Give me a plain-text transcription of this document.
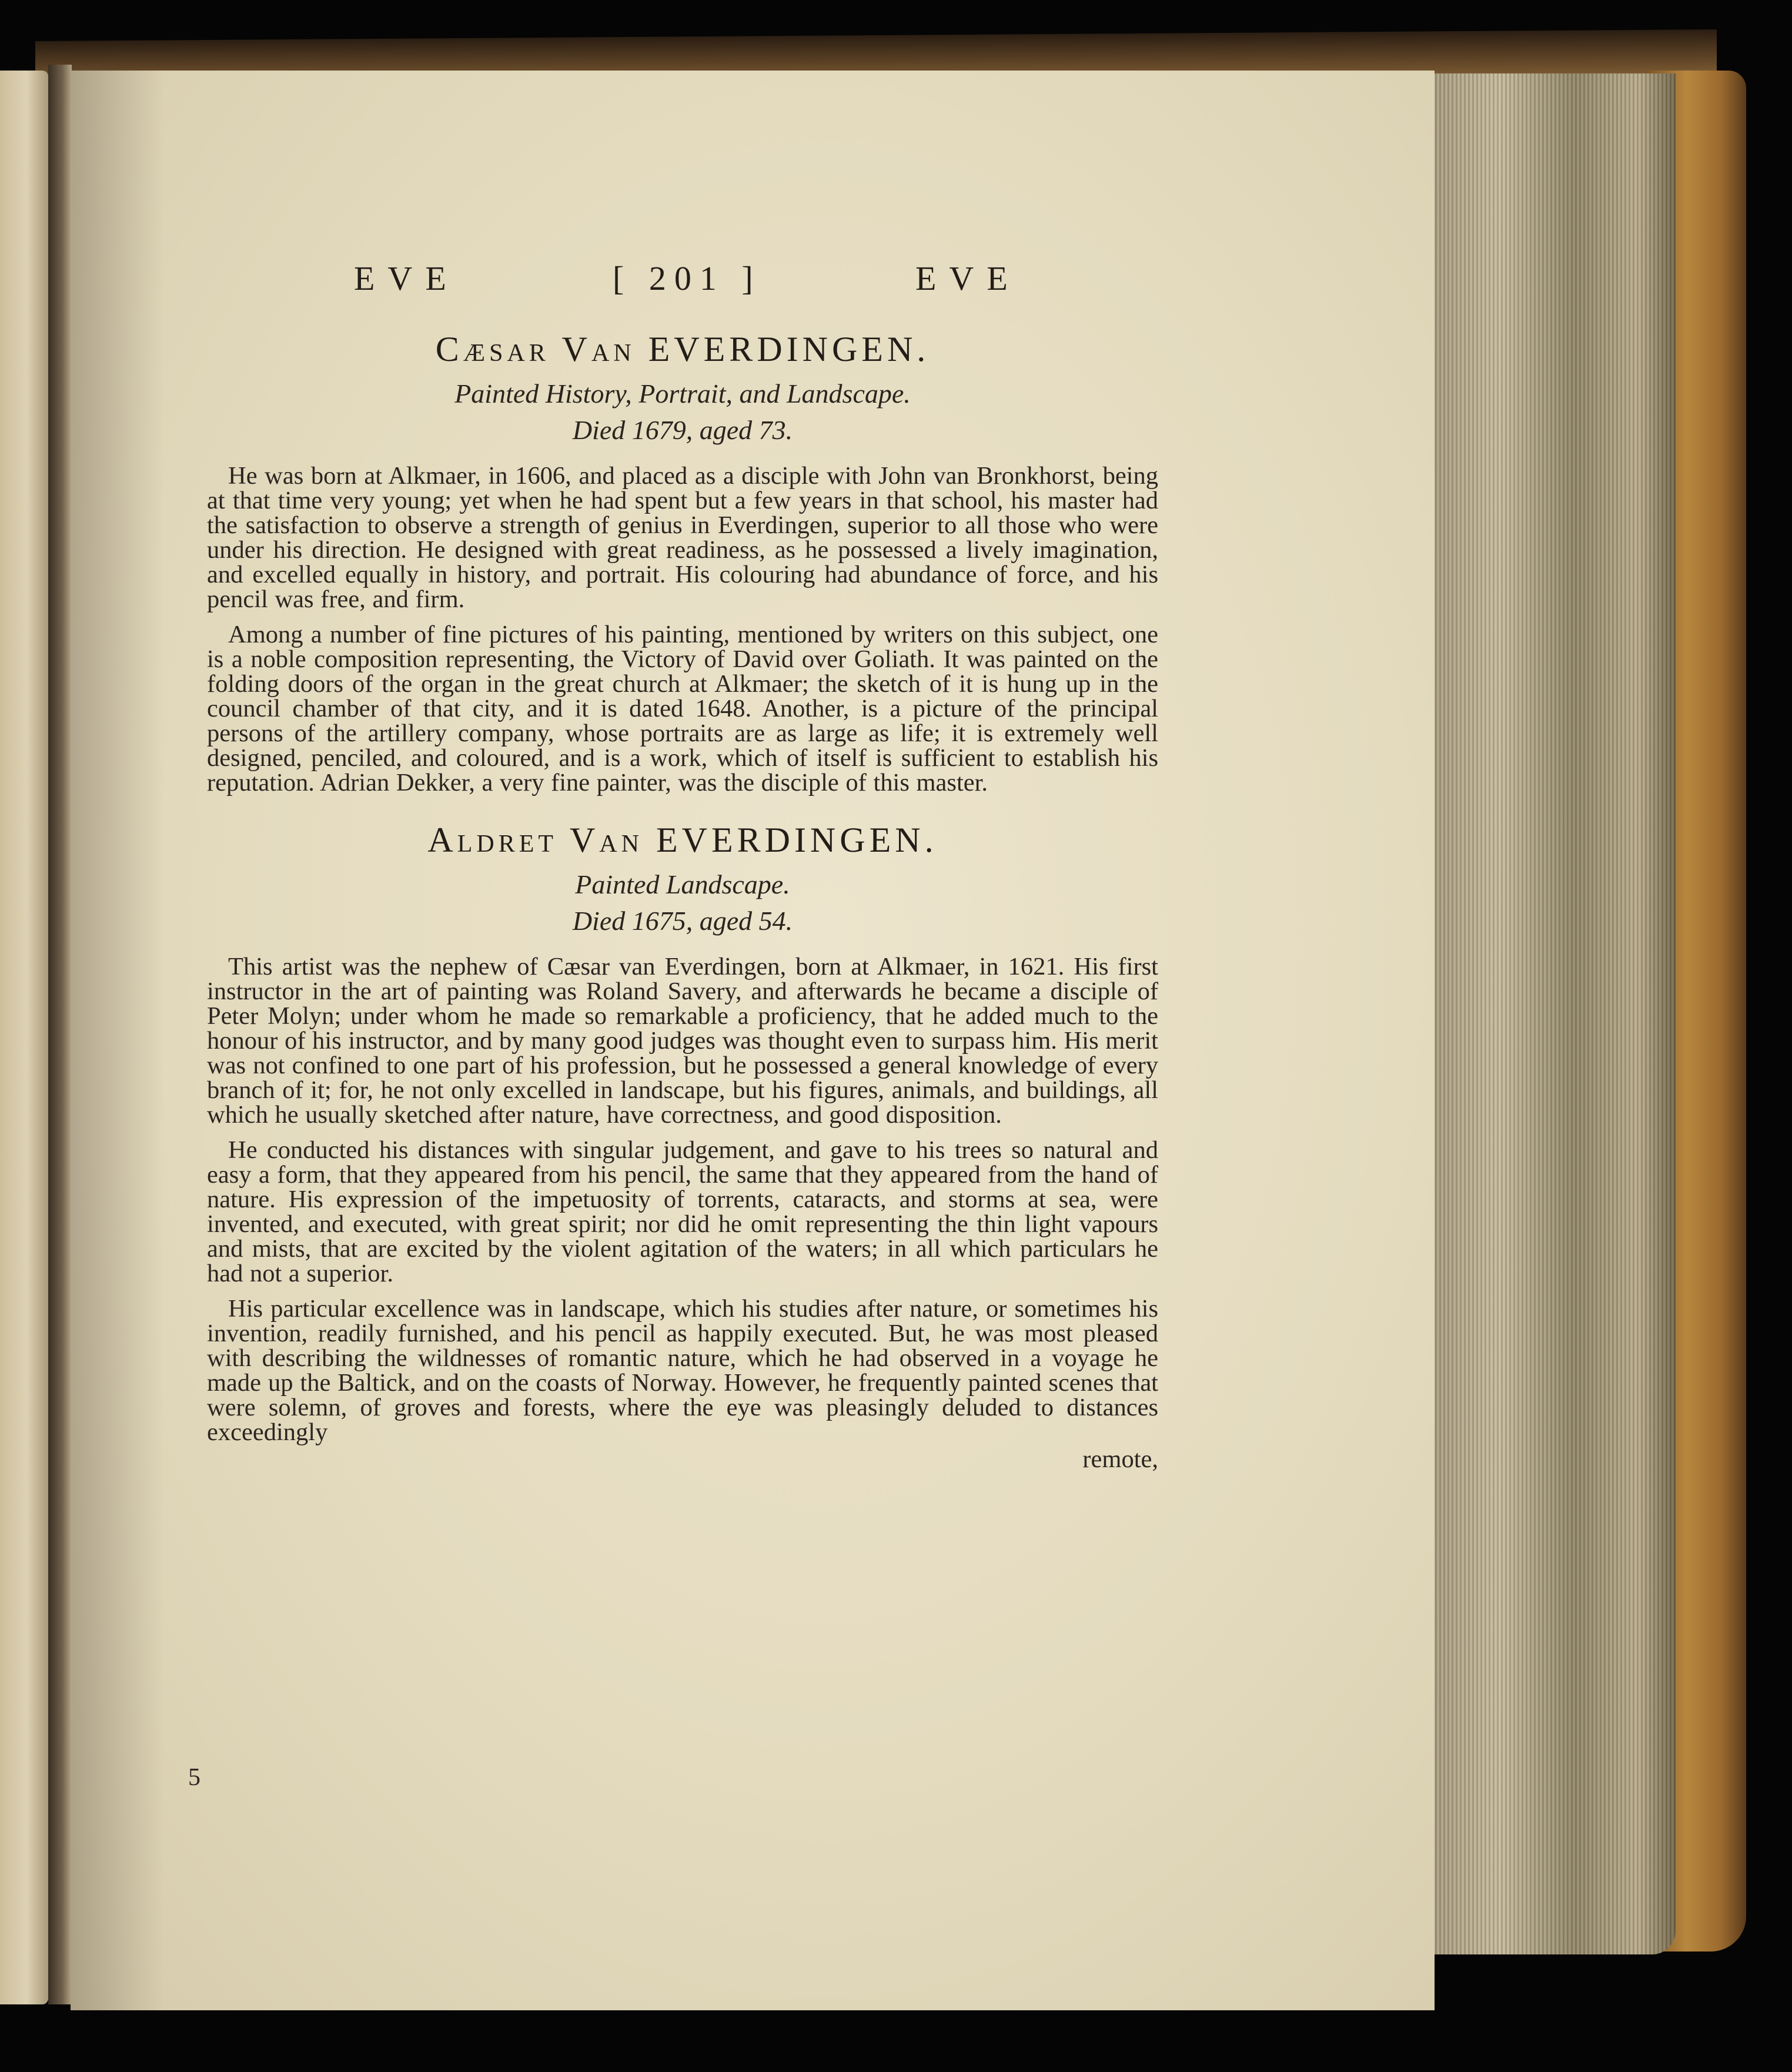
EVE	[ 201 ]	EVE

Cæsar Van EVERDINGEN.

Painted History, Portrait, and Landscape.

Died 1679, aged 73.

He was born at Alkmaer, in 1606, and placed as a disciple with John van Bronkhorst, being at that time very young; yet when he had spent but a few years in that school, his master had the satisfaction to observe a strength of genius in Everdingen, superior to all those who were under his direction. He designed with great readiness, as he possessed a lively imagination, and excelled equally in history, and portrait. His colouring had abundance of force, and his pencil was free, and firm.

Among a number of fine pictures of his painting, mentioned by writers on this subject, one is a noble composition representing, the Victory of David over Goliath. It was painted on the folding doors of the organ in the great church at Alkmaer; the sketch of it is hung up in the council chamber of that city, and it is dated 1648. Another, is a picture of the principal persons of the artillery company, whose portraits are as large as life; it is extremely well designed, penciled, and coloured, and is a work, which of itself is sufficient to establish his reputation. Adrian Dekker, a very fine painter, was the disciple of this master.

Aldret Van EVERDINGEN.

Painted Landscape.

Died 1675, aged 54.

This artist was the nephew of Cæsar van Everdingen, born at Alkmaer, in 1621. His first instructor in the art of painting was Roland Savery, and afterwards he became a disciple of Peter Molyn; under whom he made so remarkable a proficiency, that he added much to the honour of his instructor, and by many good judges was thought even to surpass him. His merit was not confined to one part of his profession, but he possessed a general knowledge of every branch of it; for, he not only excelled in landscape, but his figures, animals, and buildings, all which he usually sketched after nature, have correctness, and good disposition.

He conducted his distances with singular judgement, and gave to his trees so natural and easy a form, that they appeared from his pencil, the same that they appeared from the hand of nature. His expression of the impetuosity of torrents, cataracts, and storms at sea, were invented, and executed, with great spirit; nor did he omit representing the thin light vapours and mists, that are excited by the violent agitation of the waters; in all which particulars he had not a superior.

His particular excellence was in landscape, which his studies after nature, or sometimes his invention, readily furnished, and his pencil as happily executed. But, he was most pleased with describing the wildnesses of romantic nature, which he had observed in a voyage he made up the Baltick, and on the coasts of Norway. However, he frequently painted scenes that were solemn, of groves and forests, where the eye was pleasingly deluded to distances exceedingly

remote,
5
